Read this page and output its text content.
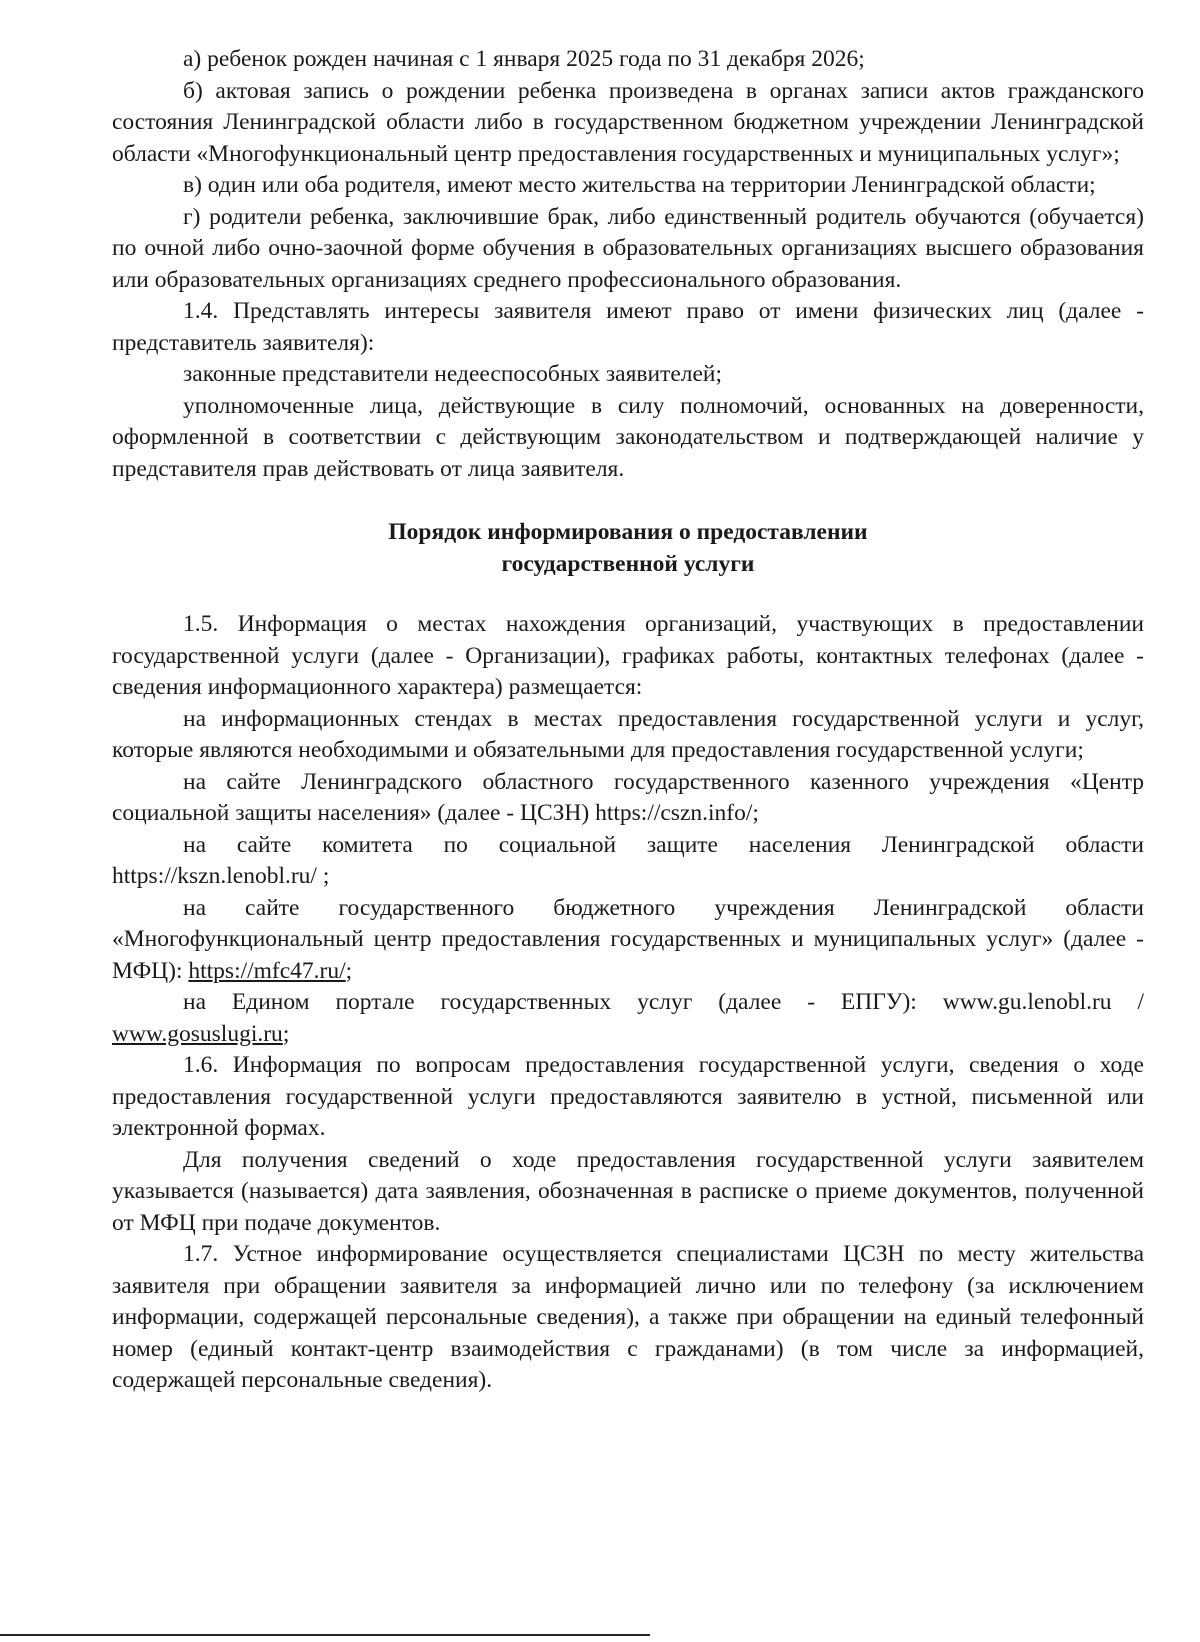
а) ребенок рожден начиная с 1 января 2025 года по 31 декабря 2026;

б) актовая запись о рождении ребенка произведена в органах записи актов гражданского состояния Ленинградской области либо в государственном бюджетном учреждении Ленинградской области «Многофункциональный центр предоставления государственных и муниципальных услуг»;

в) один или оба родителя, имеют место жительства на территории Ленинградской области;

г) родители ребенка, заключившие брак, либо единственный родитель обучаются (обучается) по очной либо очно-заочной форме обучения в образовательных организациях высшего образования или образовательных организациях среднего профессионального образования.

1.4. Представлять интересы заявителя имеют право от имени физических лиц (далее - представитель заявителя):

законные представители недееспособных заявителей;

уполномоченные лица, действующие в силу полномочий, основанных на доверенности, оформленной в соответствии с действующим законодательством и подтверждающей наличие у представителя прав действовать от лица заявителя.

Порядок информирования о предоставлении
государственной услуги

1.5. Информация о местах нахождения организаций, участвующих в предоставлении государственной услуги (далее - Организации), графиках работы, контактных телефонах (далее - сведения информационного характера) размещается:

на информационных стендах в местах предоставления государственной услуги и услуг, которые являются необходимыми и обязательными для предоставления государственной услуги;

на сайте Ленинградского областного государственного казенного учреждения «Центр социальной защиты населения» (далее - ЦСЗН) https://cszn.info/;

на сайте комитета по социальной защите населения Ленинградской области https://kszn.lenobl.ru/ ;

на сайте государственного бюджетного учреждения Ленинградской области «Многофункциональный центр предоставления государственных и муниципальных услуг» (далее - МФЦ): https://mfc47.ru/;

на Едином портале государственных услуг (далее - ЕПГУ): www.gu.lenobl.ru / www.gosuslugi.ru;

1.6. Информация по вопросам предоставления государственной услуги, сведения о ходе предоставления государственной услуги предоставляются заявителю в устной, письменной или электронной формах.

Для получения сведений о ходе предоставления государственной услуги заявителем указывается (называется) дата заявления, обозначенная в расписке о приеме документов, полученной от МФЦ при подаче документов.

1.7. Устное информирование осуществляется специалистами ЦСЗН по месту жительства заявителя при обращении заявителя за информацией лично или по телефону (за исключением информации, содержащей персональные сведения), а также при обращении на единый телефонный номер (единый контакт-центр взаимодействия с гражданами) (в том числе за информацией, содержащей персональные сведения).
